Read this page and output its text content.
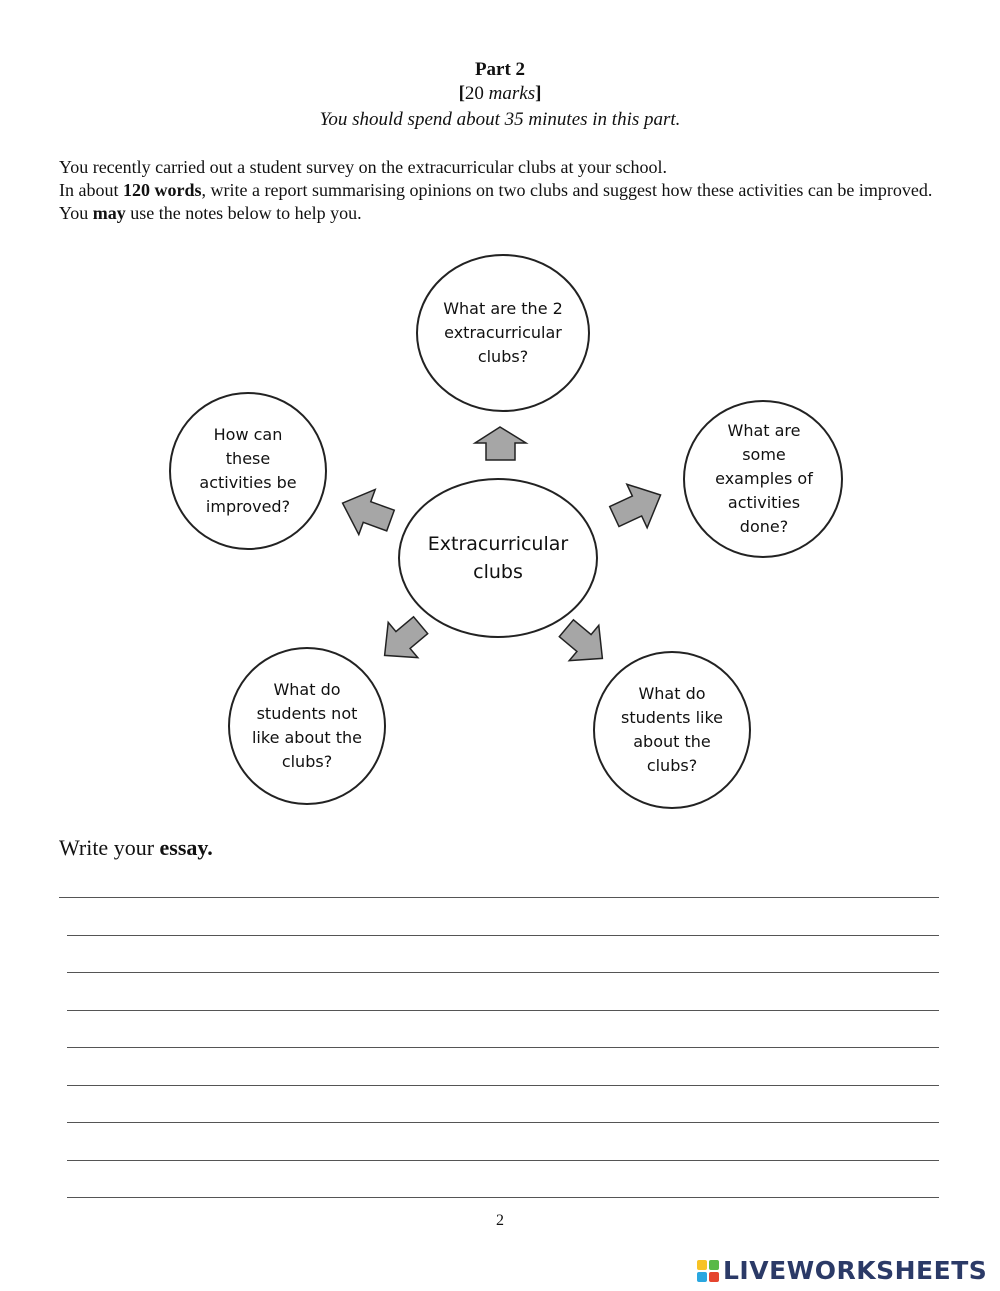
Part 2
[20 marks]
You should spend about 35 minutes in this part.

You recently carried out a student survey on the extracurricular clubs at your school.

In about 120 words, write a report summarising opinions on two clubs and suggest how these activities can be improved.

You may use the notes below to help you.

Extracurricular clubs
What are the 2 extracurricular clubs?
What are some examples of activities done?
What do students like about the clubs?
What do students not like about the clubs?
How can these activities be improved?
Write your essay.
2
LIVEWORKSHEETS
